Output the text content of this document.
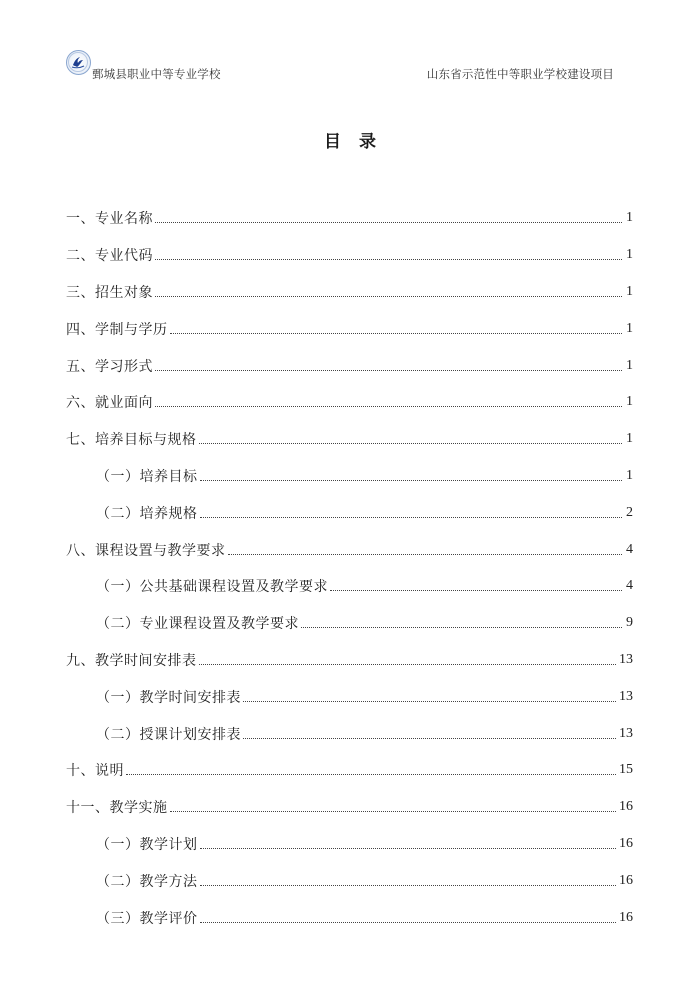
鄄城县职业中等专业学校	山东省示范性中等职业学校建设项目
目录
一、专业名称	1
二、专业代码	1
三、招生对象	1
四、学制与学历	1
五、学习形式	1
六、就业面向	1
七、培养目标与规格	1
（一）培养目标	1
（二）培养规格	2
八、课程设置与教学要求	4
（一）公共基础课程设置及教学要求	4
（二）专业课程设置及教学要求	9
九、教学时间安排表	13
（一）教学时间安排表	13
（二）授课计划安排表	13
十、说明	15
十一、教学实施	16
（一）教学计划	16
（二）教学方法	16
（三）教学评价	16
